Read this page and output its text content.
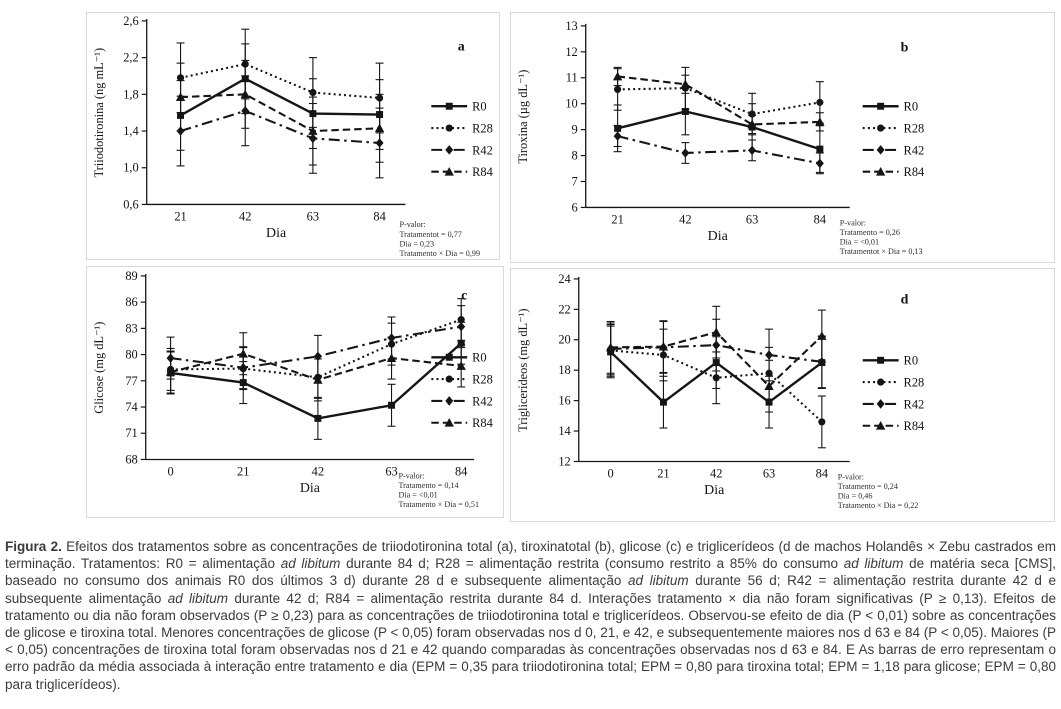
0,6
1,0
1,4
1,8
2,2
2,6
21	42	63	84
Dia
Triiodotironina (ng mL⁻¹)
a
R0
R28
R42
R84
P-valor:
Tratamentot = 0,77
Dia = 0,23
Tratamento × Dia = 0,99
6
7
8
9
10
11
12
13
21	42	63	84
Dia
Tiroxina (µg dL⁻¹)
b
R0
R28
R42
R84
P-valor:
Tratamento = 0,26
Dia = <0,01
Tratamentot × Dia = 0,13
68
71
74
77
80
83
86
89
0	21	42	63	84
Dia
Glicose (mg dL⁻¹)
c
R0
R28
R42
R84
P-valor:
Tratamento = 0,14
Dia = <0,01
Tratamento × Dia = 0,51
12
14
16
18
20
22
24
0	21	42	63	84
Dia
Triglicerídeos (mg dL⁻¹)
d
R0
R28
R42
R84
P-valor:
Tratamento = 0,24
Dia = 0,46
Tratamento × Dia = 0,22

Figura 2. Efeitos dos tratamentos sobre as concentrações de triiodotironina total (a), tiroxinatotal (b), glicose (c) e triglicerídeos (d de machos Holandês × Zebu castrados em terminação. Tratamentos: R0 = alimentação ad libitum durante 84 d; R28 = alimentação restrita (consumo restrito a 85% do consumo ad libitum de matéria seca [CMS], baseado no consumo dos animais R0 dos últimos 3 d) durante 28 d e subsequente alimentação ad libitum durante 56 d; R42 = alimentação restrita durante 42 d e subsequente alimentação ad libitum durante 42 d; R84 = alimentação restrita durante 84 d. Interações tratamento × dia não foram significativas (P ≥ 0,13). Efeitos de tratamento ou dia não foram observados (P ≥ 0,23) para as concentrações de triiodotironina total e triglicerídeos. Observou-se efeito de dia (P < 0,01) sobre as concentrações de glicose e tiroxina total. Menores concentrações de glicose (P < 0,05) foram observadas nos d 0, 21, e 42, e subsequentemente maiores nos d 63 e 84 (P < 0,05). Maiores (P < 0,05) concentrações de tiroxina total foram observadas nos d 21 e 42 quando comparadas às concentrações observadas nos d 63 e 84. E As barras de erro representam o erro padrão da média associada à interação entre tratamento e dia (EPM = 0,35 para triiodotironina total; EPM = 0,80 para tiroxina total; EPM = 1,18 para glicose; EPM = 0,80 para triglicerídeos).
